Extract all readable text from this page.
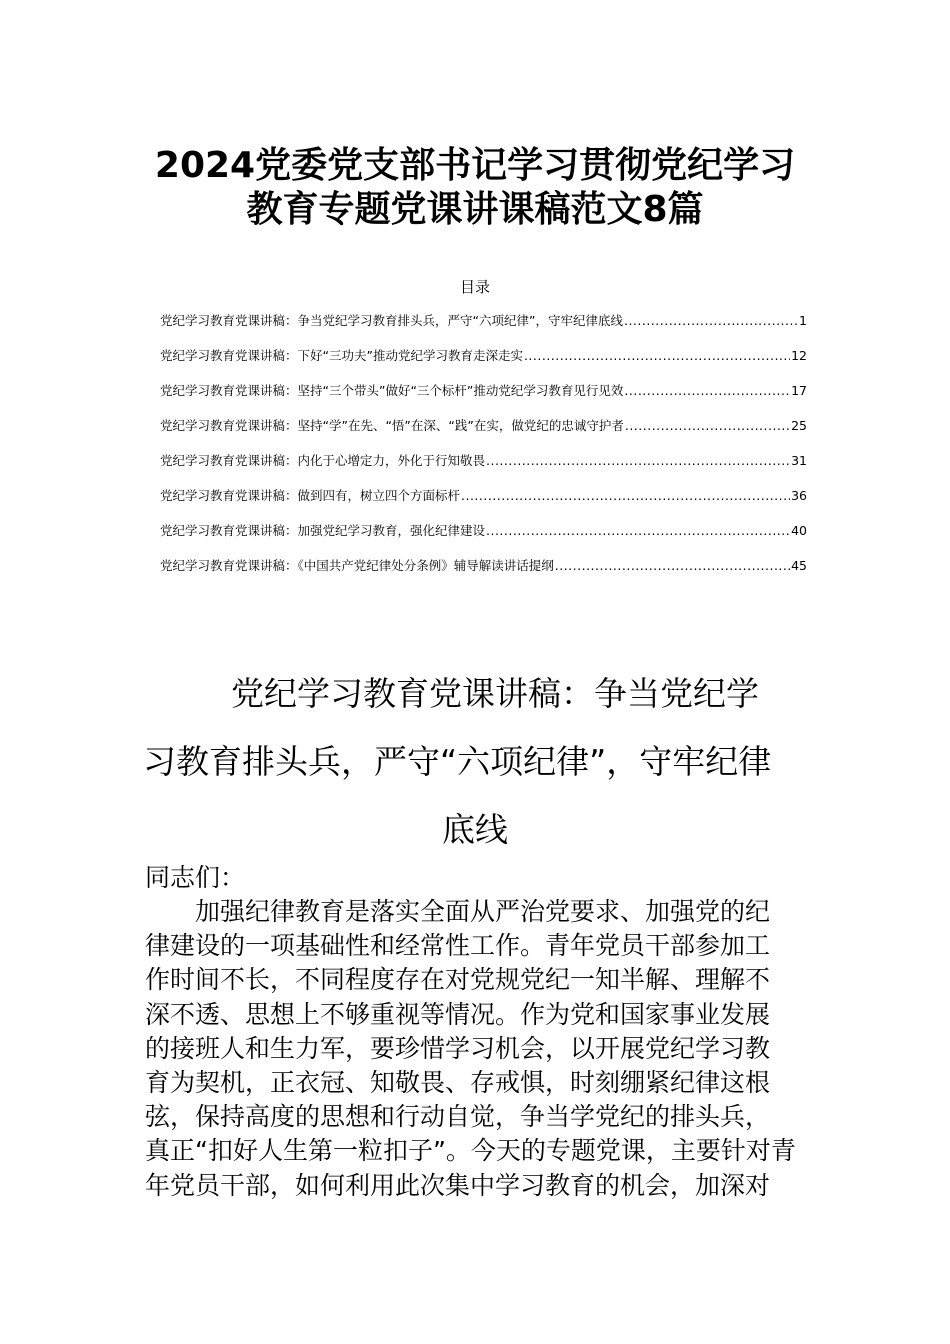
2024党委党支部书记学习贯彻党纪学习
教育专题党课讲课稿范文8篇
目录
党纪学习教育党课讲稿：争当党纪学习教育排头兵，严守“六项纪律”，守牢纪律底线 .....	1
党纪学习教育党课讲稿：下好“三功夫”推动党纪学习教育走深走实 .....	12
党纪学习教育党课讲稿：坚持“三个带头”做好“三个标杆”推动党纪学习教育见行见效 .....	17
党纪学习教育党课讲稿：坚持“学”在先、“悟”在深、“践”在实，做党纪的忠诚守护者 .....	25
党纪学习教育党课讲稿：内化于心增定力，外化于行知敬畏 .....	31
党纪学习教育党课讲稿：做到四有，树立四个方面标杆 .....	36
党纪学习教育党课讲稿：加强党纪学习教育，强化纪律建设 .....	40
党纪学习教育党课讲稿：《中国共产党纪律处分条例》辅导解读讲话提纲 .....	45
党纪学习教育党课讲稿：争当党纪学
习教育排头兵，严守“六项纪律”，守牢纪律
底线
同志们：
加强纪律教育是落实全面从严治党要求、加强党的纪
律建设的一项基础性和经常性工作。青年党员干部参加工
作时间不长，不同程度存在对党规党纪一知半解、理解不
深不透、思想上不够重视等情况。作为党和国家事业发展
的接班人和生力军，要珍惜学习机会，以开展党纪学习教
育为契机，正衣冠、知敬畏、存戒惧，时刻绷紧纪律这根
弦，保持高度的思想和行动自觉，争当学党纪的排头兵，
真正“扣好人生第一粒扣子”。今天的专题党课，主要针对青
年党员干部，如何利用此次集中学习教育的机会，加深对
